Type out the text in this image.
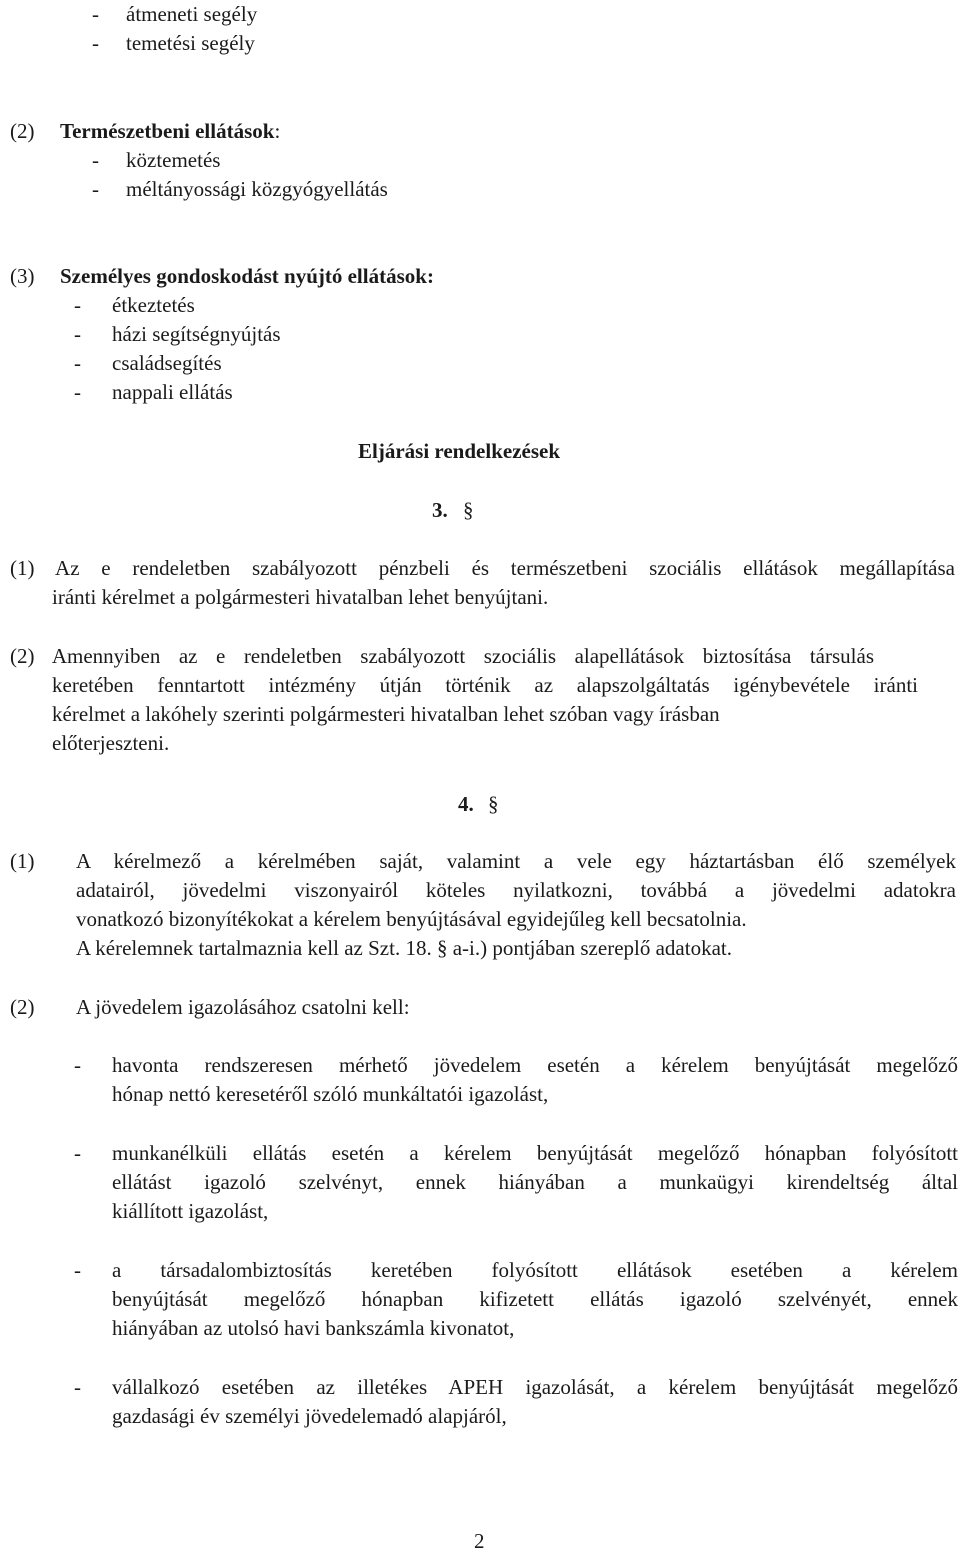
- átmeneti segély
- temetési segély
(2) Természetbeni ellátások:
- köztemetés
- méltányossági közgyógyellátás
(3) Személyes gondoskodást nyújtó ellátások:
- étkeztetés
- házi segítségnyújtás
- családsegítés
- nappali ellátás
Eljárási rendelkezések
3. §
(1) Az e rendeletben szabályozott pénzbeli és természetbeni szociális ellátások megállapítása
iránti kérelmet a polgármesteri hivatalban lehet benyújtani.
(2) Amennyiben az e rendeletben szabályozott szociális alapellátások biztosítása társulás
keretében fenntartott intézmény útján történik az alapszolgáltatás igénybevétele iránti
kérelmet a lakóhely szerinti polgármesteri hivatalban lehet szóban vagy írásban
előterjeszteni.
4. §
(1) A kérelmező a kérelmében saját, valamint a vele egy háztartásban élő személyek
adatairól, jövedelmi viszonyairól köteles nyilatkozni, továbbá a jövedelmi adatokra
vonatkozó bizonyítékokat a kérelem benyújtásával egyidejűleg kell becsatolnia.
A kérelemnek tartalmaznia kell az Szt. 18. § a-i.) pontjában szereplő adatokat.
(2) A jövedelem igazolásához csatolni kell:
- havonta rendszeresen mérhető jövedelem esetén a kérelem benyújtását megelőző
hónap nettó keresetéről szóló munkáltatói igazolást,
- munkanélküli ellátás esetén a kérelem benyújtását megelőző hónapban folyósított
ellátást igazoló szelvényt, ennek hiányában a munkaügyi kirendeltség által
kiállított igazolást,
- a társadalombiztosítás keretében folyósított ellátások esetében a kérelem
benyújtását megelőző hónapban kifizetett ellátás igazoló szelvényét, ennek
hiányában az utolsó havi bankszámla kivonatot,
- vállalkozó esetében az illetékes APEH igazolását, a kérelem benyújtását megelőző
gazdasági év személyi jövedelemadó alapjáról,
2
